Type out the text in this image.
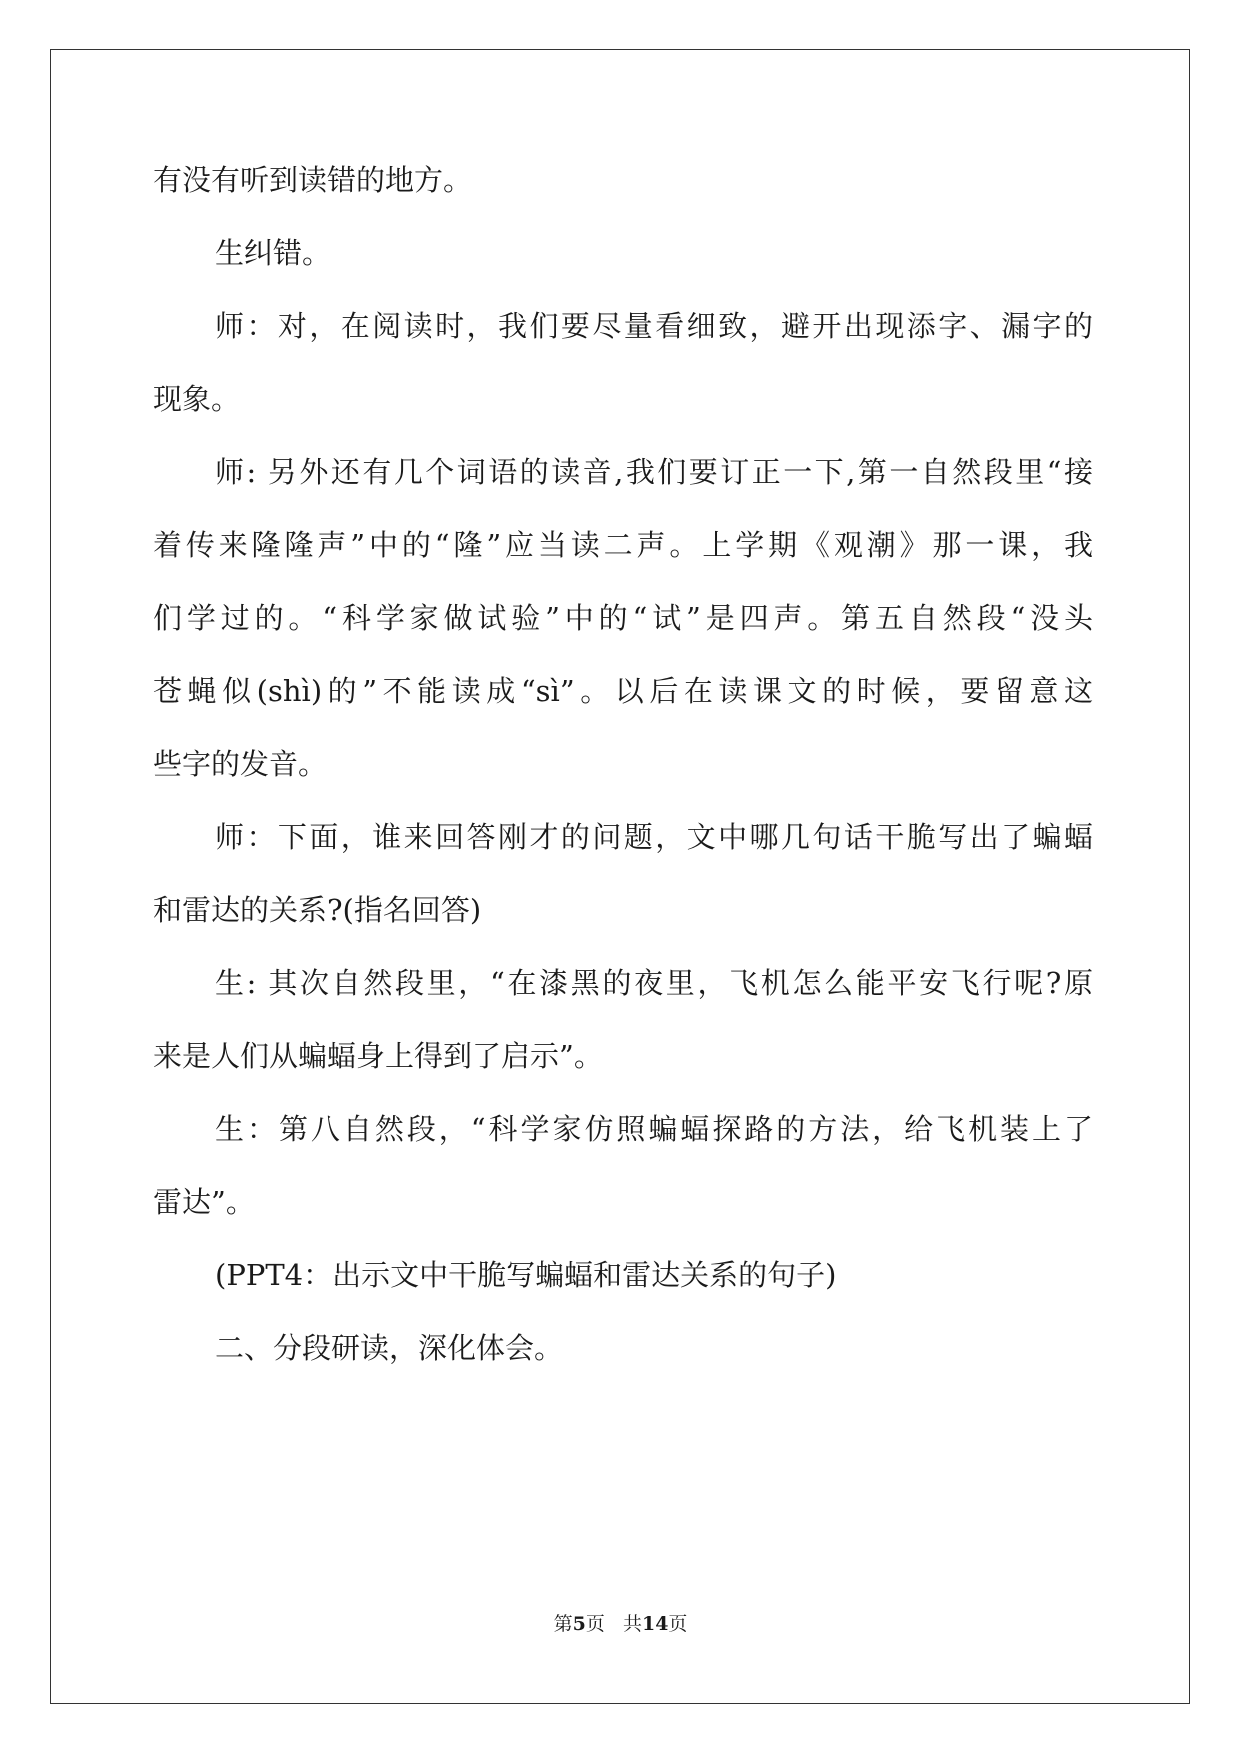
有没有听到读错的地方。
生纠错。
师：对，在阅读时，我们要尽量看细致，避开出现添字、漏字的
现象。
师: 另外还有几个词语的读音,我们要订正一下,第一自然段里“接
着传来隆隆声”中的“隆”应当读二声。上学期《观潮》那一课，我
们学过的。“科学家做试验”中的“试”是四声。第五自然段“没头
苍蝇似(shì)的”不能读成“sì”。以后在读课文的时候，要留意这
些字的发音。
师：下面，谁来回答刚才的问题，文中哪几句话干脆写出了蝙蝠
和雷达的关系?(指名回答)
生: 其次自然段里，“在漆黑的夜里，飞机怎么能平安飞行呢?原
来是人们从蝙蝠身上得到了启示”。
生：第八自然段，“科学家仿照蝙蝠探路的方法，给飞机装上了
雷达”。
(PPT4：出示文中干脆写蝙蝠和雷达关系的句子)
二、分段研读，深化体会。
第5页 共14页
